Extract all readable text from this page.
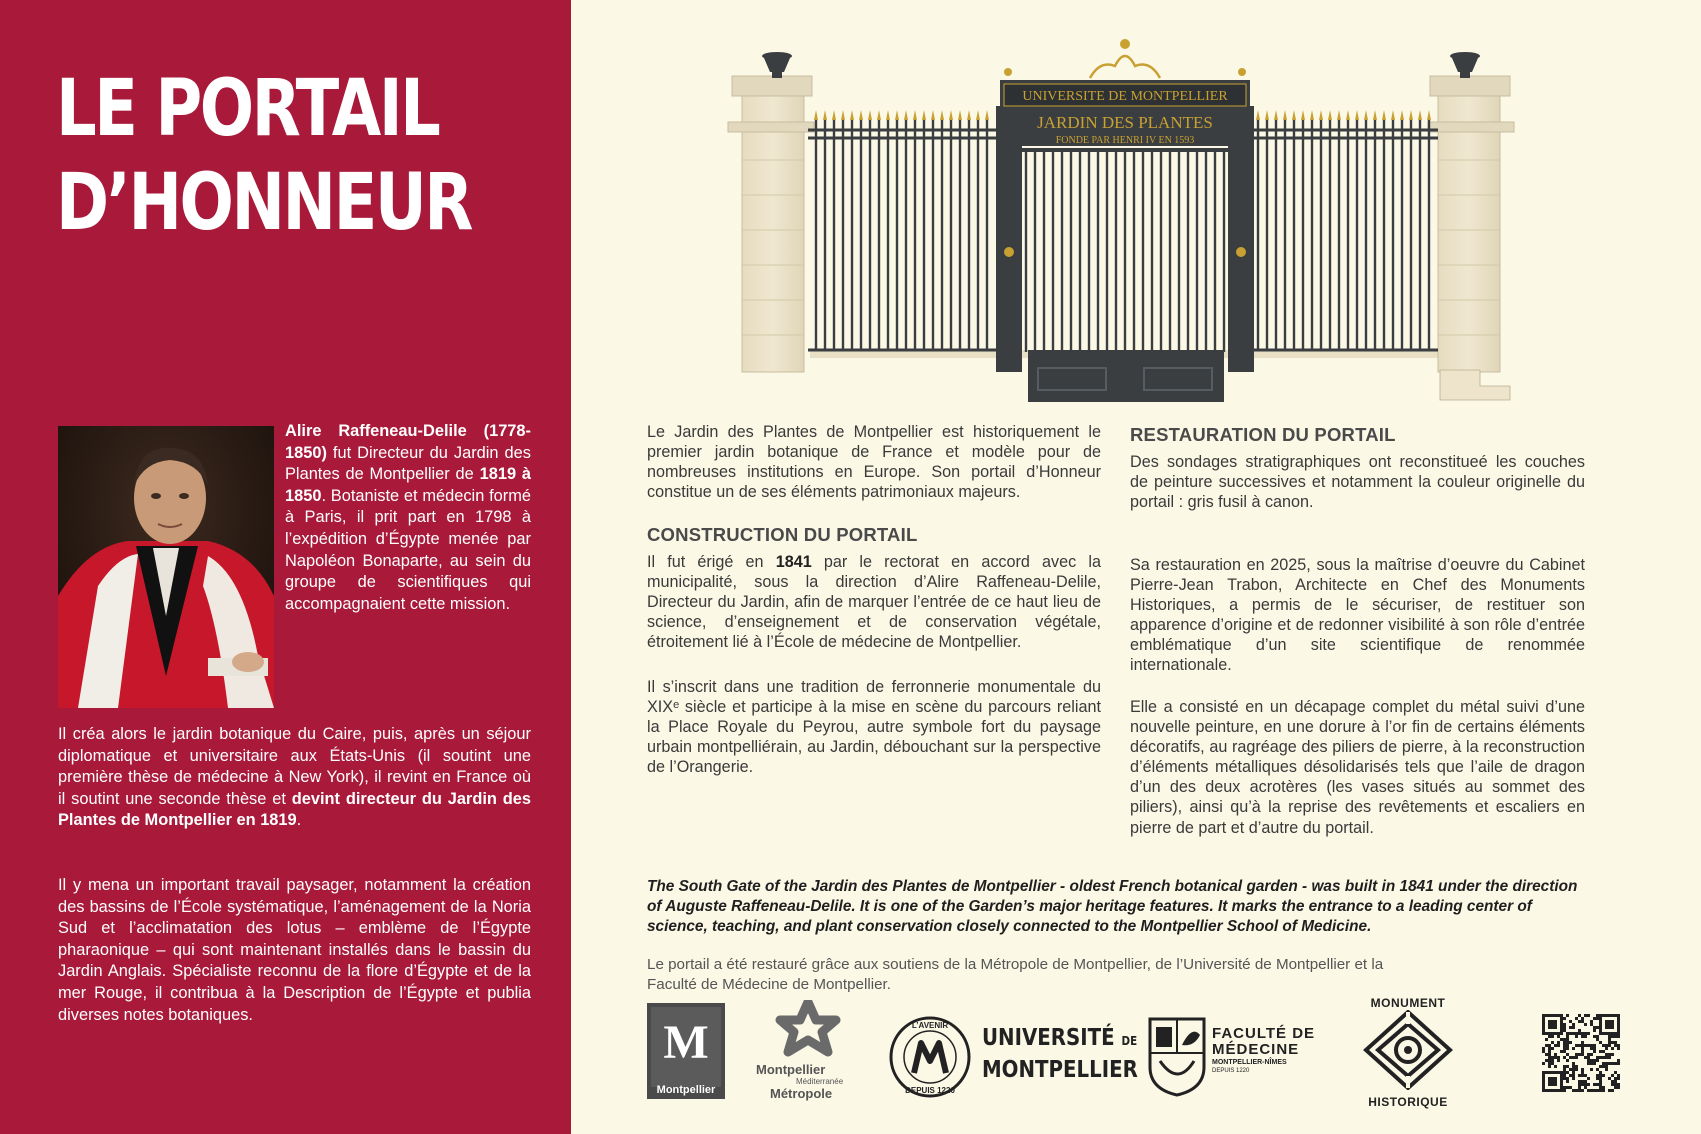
LE PORTAIL
D’HONNEUR

Alire Raffeneau-Delile (1778-1850) fut Directeur du Jardin des Plantes de Montpellier de 1819 à 1850. Botaniste et médecin formé à Paris, il prit part en 1798 à l’expédition d’Égypte menée par Napoléon Bonaparte, au sein du groupe de scientifiques qui accompagnaient cette mission.

Il créa alors le jardin botanique du Caire, puis, après un séjour diplomatique et universitaire aux États-Unis (il soutint une première thèse de médecine à New York), il revint en France où il soutint une seconde thèse et devint directeur du Jardin des Plantes de Montpellier en 1819.

Il y mena un important travail paysager, notamment la création des bassins de l’École systématique, l’aménagement de la Noria Sud et l’acclimatation des lotus – emblème de l’Égypte pharaonique – qui sont maintenant installés dans le bassin du Jardin Anglais. Spécialiste reconnu de la flore d’Égypte et de la mer Rouge, il contribua à la Description de l’Égypte et publia diverses notes botaniques.

UNIVERSITE DE MONTPELLIER
JARDIN DES PLANTES
FONDE PAR HENRI IV EN 1593

Le Jardin des Plantes de Montpellier est historiquement le premier jardin botanique de France et modèle pour de nombreuses institutions en Europe. Son portail d’Honneur constitue un de ses éléments patrimoniaux majeurs.

CONSTRUCTION DU PORTAIL

Il fut érigé en 1841 par le rectorat en accord avec la municipalité, sous la direction d’Alire Raffeneau-Delile, Directeur du Jardin, afin de marquer l’entrée de ce haut lieu de science, d’enseignement et de conservation végétale, étroitement lié à l’École de médecine de Montpellier.

Il s’inscrit dans une tradition de ferronnerie monumentale du XIXᵉ siècle et participe à la mise en scène du parcours reliant la Place Royale du Peyrou, autre symbole fort du paysage urbain montpelliérain, au Jardin, débouchant sur la perspective de l’Orangerie.

RESTAURATION DU PORTAIL

Des sondages stratigraphiques ont reconstitueé les couches de peinture successives et notamment la couleur originelle du portail : gris fusil à canon.

Sa restauration en 2025, sous la maîtrise d’oeuvre du Cabinet Pierre-Jean Trabon, Architecte en Chef des Monuments Historiques, a permis de le sécuriser, de restituer son apparence d’origine et de redonner visibilité à son rôle d’entrée emblématique d’un site scientifique de renommée internationale.

Elle a consisté en un décapage complet du métal suivi d’une nouvelle peinture, en une dorure à l’or fin de certains éléments décoratifs, au ragréage des piliers de pierre, à la reconstruction d’éléments métalliques désolidarisés tels que l’aile de dragon d’un des deux acrotères (les vases situés au sommet des piliers), ainsi qu’à la reprise des revêtements et escaliers en pierre de part et d’autre du portail.

The South Gate of the Jardin des Plantes de Montpellier - oldest French botanical garden - was built in 1841 under the direction of Auguste Raffeneau-Delile. It is one of the Garden’s major heritage features. It marks the entrance to a leading center of science, teaching, and plant conservation closely connected to the Montpellier School of Medicine.

Le portail a été restauré grâce aux soutiens de la Métropole de Montpellier, de l’Université de Montpellier et la Faculté de Médecine de Montpellier.

M
Montpellier
Montpellier
Méditerranée
Métropole
L’AVENIR
DEPUIS 1220
UNIVERSITÉ DE
MONTPELLIER
FACULTÉ DE
MÉDECINE
MONTPELLIER-NÎMES
DEPUIS 1220
MONUMENT
HISTORIQUE
